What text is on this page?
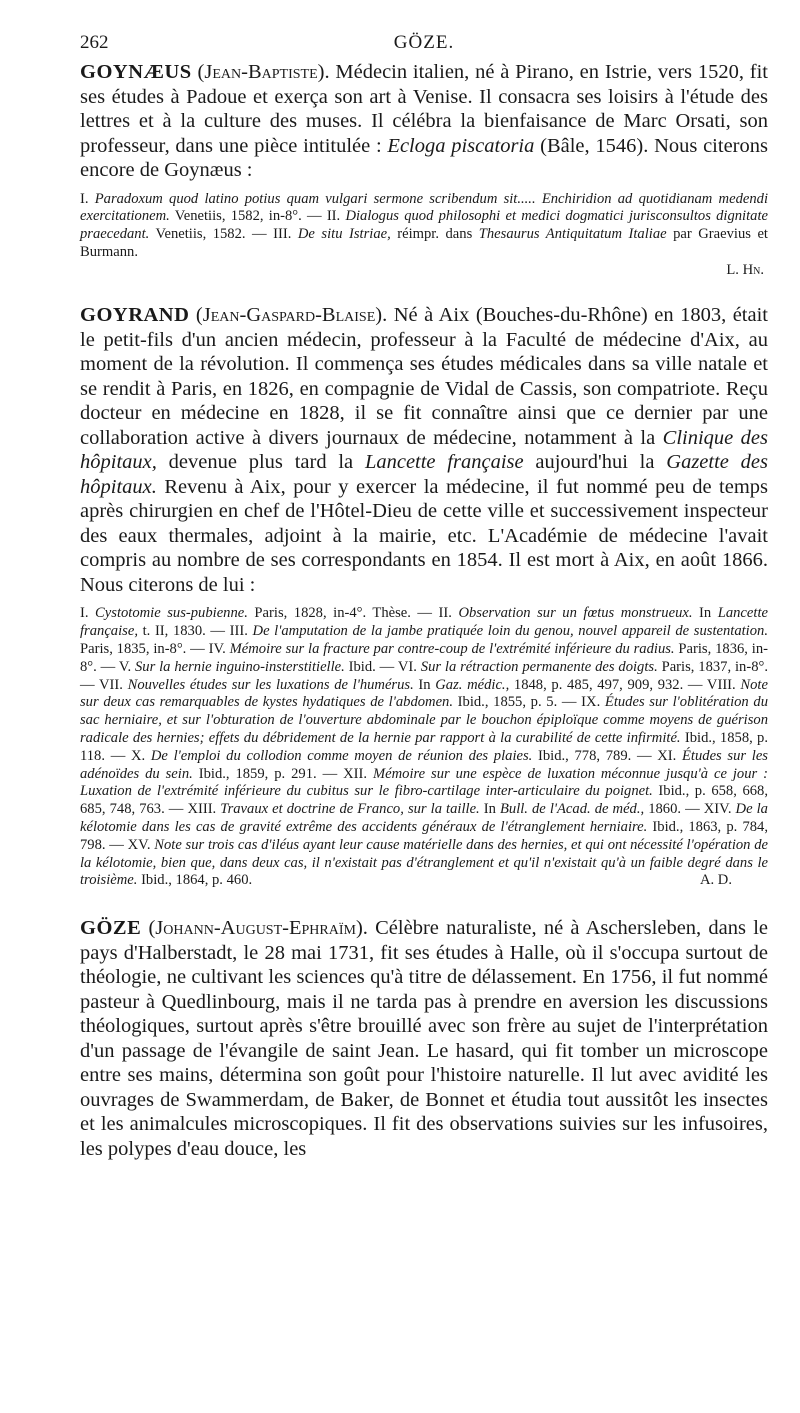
262	GÖZE.

GOYNÆUS (Jean-Baptiste). Médecin italien, né à Pirano, en Istrie, vers 1520, fit ses études à Padoue et exerça son art à Venise. Il consacra ses loisirs à l'étude des lettres et à la culture des muses. Il célébra la bienfaisance de Marc Orsati, son professeur, dans une pièce intitulée : Ecloga piscatoria (Bâle, 1546). Nous citerons encore de Goynæus :

I. Paradoxum quod latino potius quam vulgari sermone scribendum sit..... Enchiridion ad quotidianam medendi exercitationem. Venetiis, 1582, in-8°. — II. Dialogus quod philosophi et medici dogmatici jurisconsultos dignitate praecedant. Venetiis, 1582. — III. De situ Istriae, réimpr. dans Thesaurus Antiquitatum Italiae par Graevius et Burmann.

L. Hn.

GOYRAND (Jean-Gaspard-Blaise). Né à Aix (Bouches-du-Rhône) en 1803, était le petit-fils d'un ancien médecin, professeur à la Faculté de médecine d'Aix, au moment de la révolution. Il commença ses études médicales dans sa ville natale et se rendit à Paris, en 1826, en compagnie de Vidal de Cassis, son compatriote. Reçu docteur en médecine en 1828, il se fit connaître ainsi que ce dernier par une collaboration active à divers journaux de médecine, notamment à la Clinique des hôpitaux, devenue plus tard la Lancette française aujourd'hui la Gazette des hôpitaux. Revenu à Aix, pour y exercer la médecine, il fut nommé peu de temps après chirurgien en chef de l'Hôtel-Dieu de cette ville et successivement inspecteur des eaux thermales, adjoint à la mairie, etc. L'Académie de médecine l'avait compris au nombre de ses correspondants en 1854. Il est mort à Aix, en août 1866. Nous citerons de lui :

I. Cystotomie sus-pubienne. Paris, 1828, in-4°. Thèse. — II. Observation sur un fœtus monstrueux. In Lancette française, t. II, 1830. — III. De l'amputation de la jambe pratiquée loin du genou, nouvel appareil de sustentation. Paris, 1835, in-8°. — IV. Mémoire sur la fracture par contre-coup de l'extrémité inférieure du radius. Paris, 1836, in-8°. — V. Sur la hernie inguino-insterstitielle. Ibid. — VI. Sur la rétraction permanente des doigts. Paris, 1837, in-8°. — VII. Nouvelles études sur les luxations de l'humérus. In Gaz. médic., 1848, p. 485, 497, 909, 932. — VIII. Note sur deux cas remarquables de kystes hydatiques de l'abdomen. Ibid., 1855, p. 5. — IX. Études sur l'oblitération du sac herniaire, et sur l'obturation de l'ouverture abdominale par le bouchon épiploïque comme moyens de guérison radicale des hernies; effets du débridement de la hernie par rapport à la curabilité de cette infirmité. Ibid., 1858, p. 118. — X. De l'emploi du collodion comme moyen de réunion des plaies. Ibid., 778, 789. — XI. Études sur les adénoïdes du sein. Ibid., 1859, p. 291. — XII. Mémoire sur une espèce de luxation méconnue jusqu'à ce jour : Luxation de l'extrémité inférieure du cubitus sur le fibro-cartilage inter-articulaire du poignet. Ibid., p. 658, 668, 685, 748, 763. — XIII. Travaux et doctrine de Franco, sur la taille. In Bull. de l'Acad. de méd., 1860. — XIV. De la kélotomie dans les cas de gravité extrême des accidents généraux de l'étranglement herniaire. Ibid., 1863, p. 784, 798. — XV. Note sur trois cas d'iléus ayant leur cause matérielle dans des hernies, et qui ont nécessité l'opération de la kélotomie, bien que, dans deux cas, il n'existait pas d'étranglement et qu'il n'existait qu'à un faible degré dans le troisième. Ibid., 1864, p. 460.	A. D.

GÖZE (Johann-August-Ephraïm). Célèbre naturaliste, né à Aschersleben, dans le pays d'Halberstadt, le 28 mai 1731, fit ses études à Halle, où il s'occupa surtout de théologie, ne cultivant les sciences qu'à titre de délassement. En 1756, il fut nommé pasteur à Quedlinbourg, mais il ne tarda pas à prendre en aversion les discussions théologiques, surtout après s'être brouillé avec son frère au sujet de l'interprétation d'un passage de l'évangile de saint Jean. Le hasard, qui fit tomber un microscope entre ses mains, détermina son goût pour l'histoire naturelle. Il lut avec avidité les ouvrages de Swammerdam, de Baker, de Bonnet et étudia tout aussitôt les insectes et les animalcules microscopiques. Il fit des observations suivies sur les infusoires, les polypes d'eau douce, les
